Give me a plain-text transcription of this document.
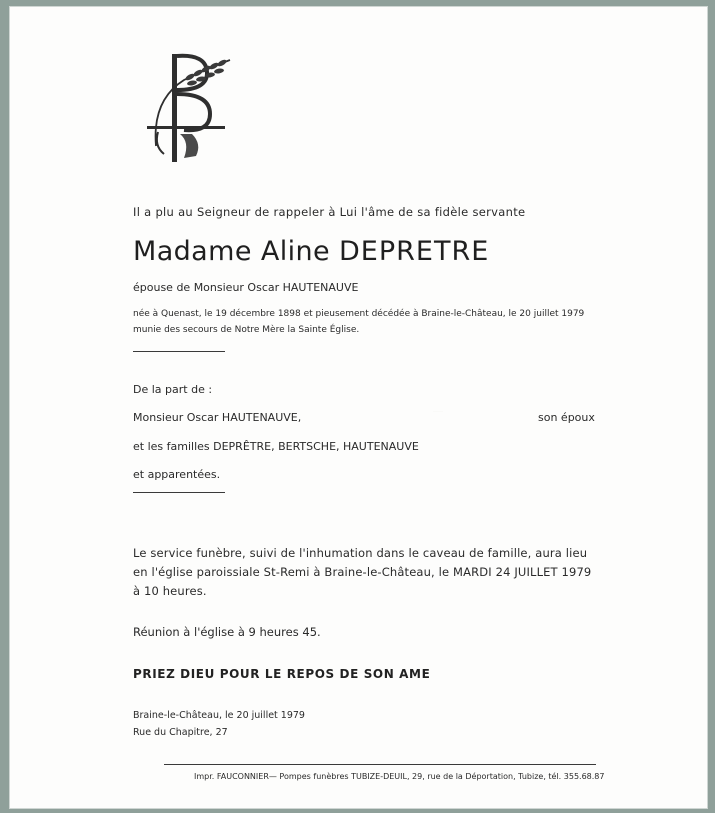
Il a plu au Seigneur de rappeler à Lui l'âme de sa fidèle servante
Madame Aline DEPRETRE
épouse de Monsieur Oscar HAUTENAUVE
née à Quenast, le 19 décembre 1898 et pieusement décédée à Braine-le-Château, le 20 juillet 1979
munie des secours de Notre Mère la Sainte Église.
De la part de :
Monsieur Oscar HAUTENAUVE,	son époux
et les familles DEPRÊTRE, BERTSCHE, HAUTENAUVE
et apparentées.
Le service funèbre, suivi de l'inhumation dans le caveau de famille, aura lieu
en l'église paroissiale St-Remi à Braine-le-Château, le MARDI 24 JUILLET 1979
à 10 heures.
Réunion à l'église à 9 heures 45.
PRIEZ DIEU POUR LE REPOS DE SON AME
Braine-le-Château, le 20 juillet 1979
Rue du Chapitre, 27
Impr. FAUCONNIER— Pompes funèbres TUBIZE-DEUIL, 29, rue de la Déportation, Tubize, tél. 355.68.87
